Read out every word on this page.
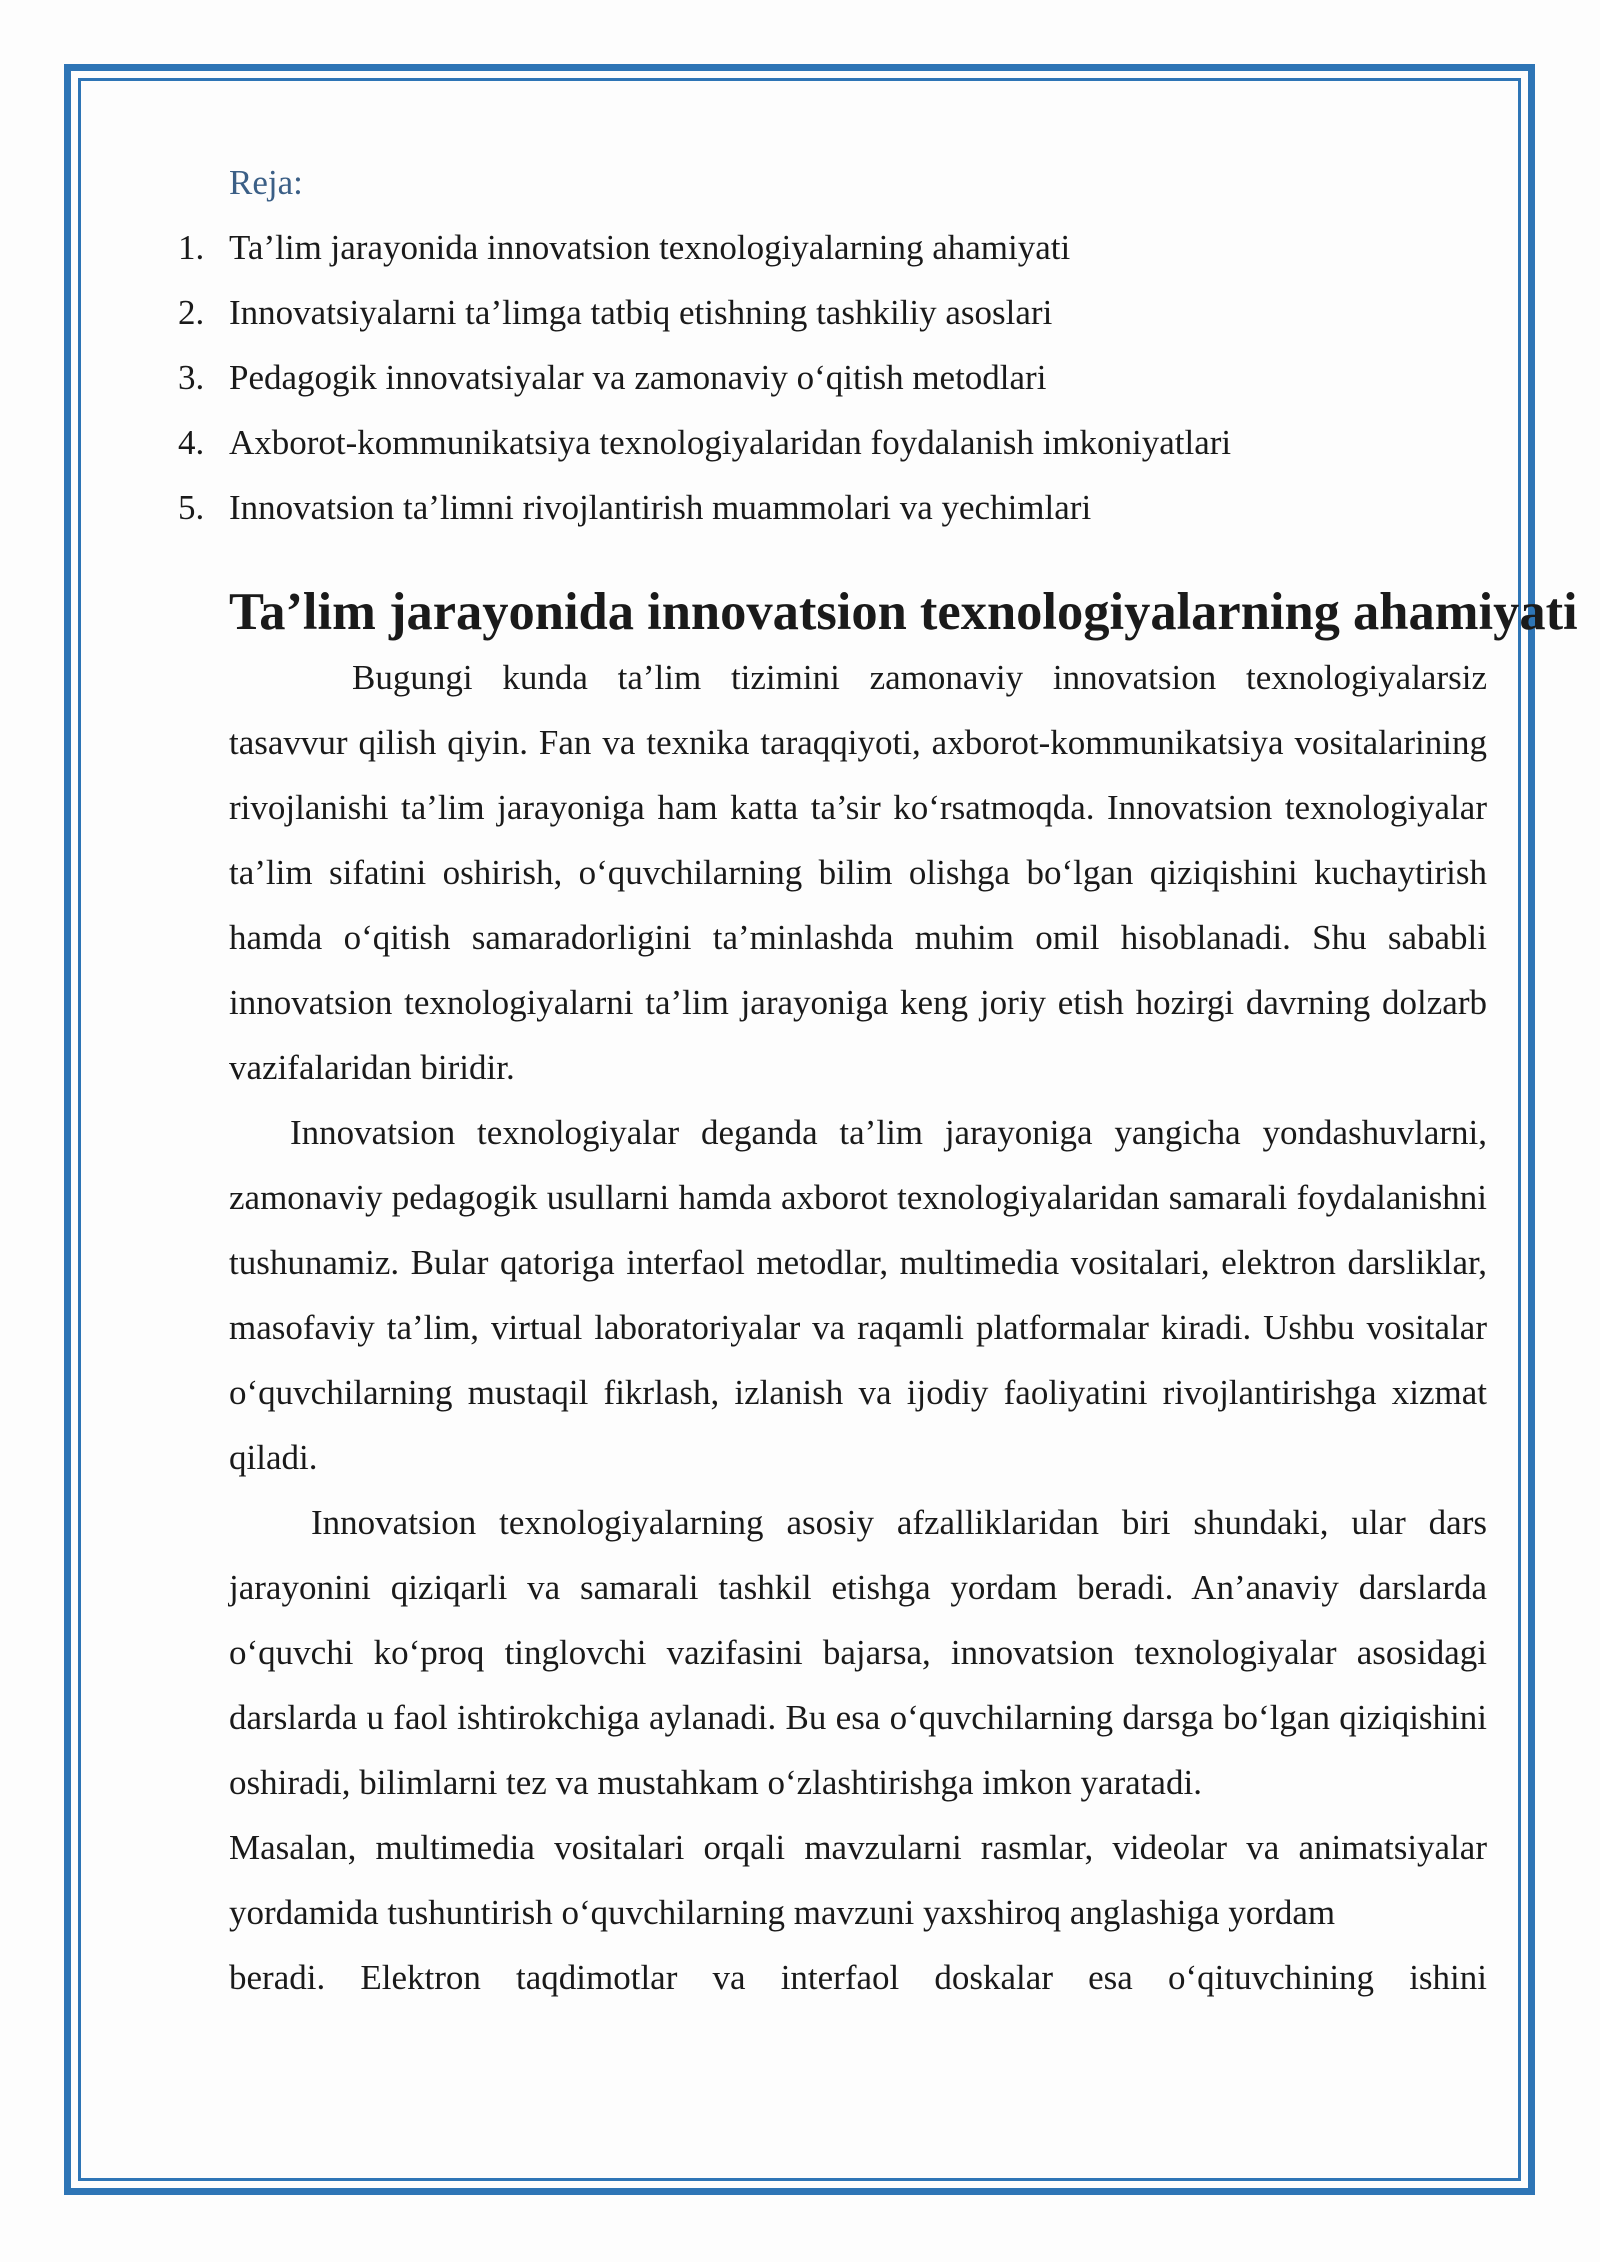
Reja:

1. Ta’lim jarayonida innovatsion texnologiyalarning ahamiyati
2. Innovatsiyalarni ta’limga tatbiq etishning tashkiliy asoslari
3. Pedagogik innovatsiyalar va zamonaviy o‘qitish metodlari
4. Axborot-kommunikatsiya texnologiyalaridan foydalanish imkoniyatlari
5. Innovatsion ta’limni rivojlantirish muammolari va yechimlari
Ta’lim jarayonida innovatsion texnologiyalarning ahamiyati

Bugungi kunda ta’lim tizimini zamonaviy innovatsion texnologiyalarsiz tasavvur qilish qiyin. Fan va texnika taraqqiyoti, axborot-kommunikatsiya vositalarining rivojlanishi ta’lim jarayoniga ham katta ta’sir ko‘rsatmoqda. Innovatsion texnologiyalar ta’lim sifatini oshirish, o‘quvchilarning bilim olishga bo‘lgan qiziqishini kuchaytirish hamda o‘qitish samaradorligini ta’minlashda muhim omil hisoblanadi. Shu sababli innovatsion texnologiyalarni ta’lim jarayoniga keng joriy etish hozirgi davrning dolzarb vazifalaridan biridir.

Innovatsion texnologiyalar deganda ta’lim jarayoniga yangicha yondashuvlarni, zamonaviy pedagogik usullarni hamda axborot texnologiyalaridan samarali foydalanishni tushunamiz. Bular qatoriga interfaol metodlar, multimedia vositalari, elektron darsliklar, masofaviy ta’lim, virtual laboratoriyalar va raqamli platformalar kiradi. Ushbu vositalar o‘quvchilarning mustaqil fikrlash, izlanish va ijodiy faoliyatini rivojlantirishga xizmat qiladi.

Innovatsion texnologiyalarning asosiy afzalliklaridan biri shundaki, ular dars jarayonini qiziqarli va samarali tashkil etishga yordam beradi. An’anaviy darslarda o‘quvchi ko‘proq tinglovchi vazifasini bajarsa, innovatsion texnologiyalar asosidagi darslarda u faol ishtirokchiga aylanadi. Bu esa o‘quvchilarning darsga bo‘lgan qiziqishini oshiradi, bilimlarni tez va mustahkam o‘zlashtirishga imkon yaratadi.

Masalan, multimedia vositalari orqali mavzularni rasmlar, videolar va animatsiyalar yordamida tushuntirish o‘quvchilarning mavzuni yaxshiroq anglashiga yordam

beradi. Elektron taqdimotlar va interfaol doskalar esa o‘qituvchining ishini
